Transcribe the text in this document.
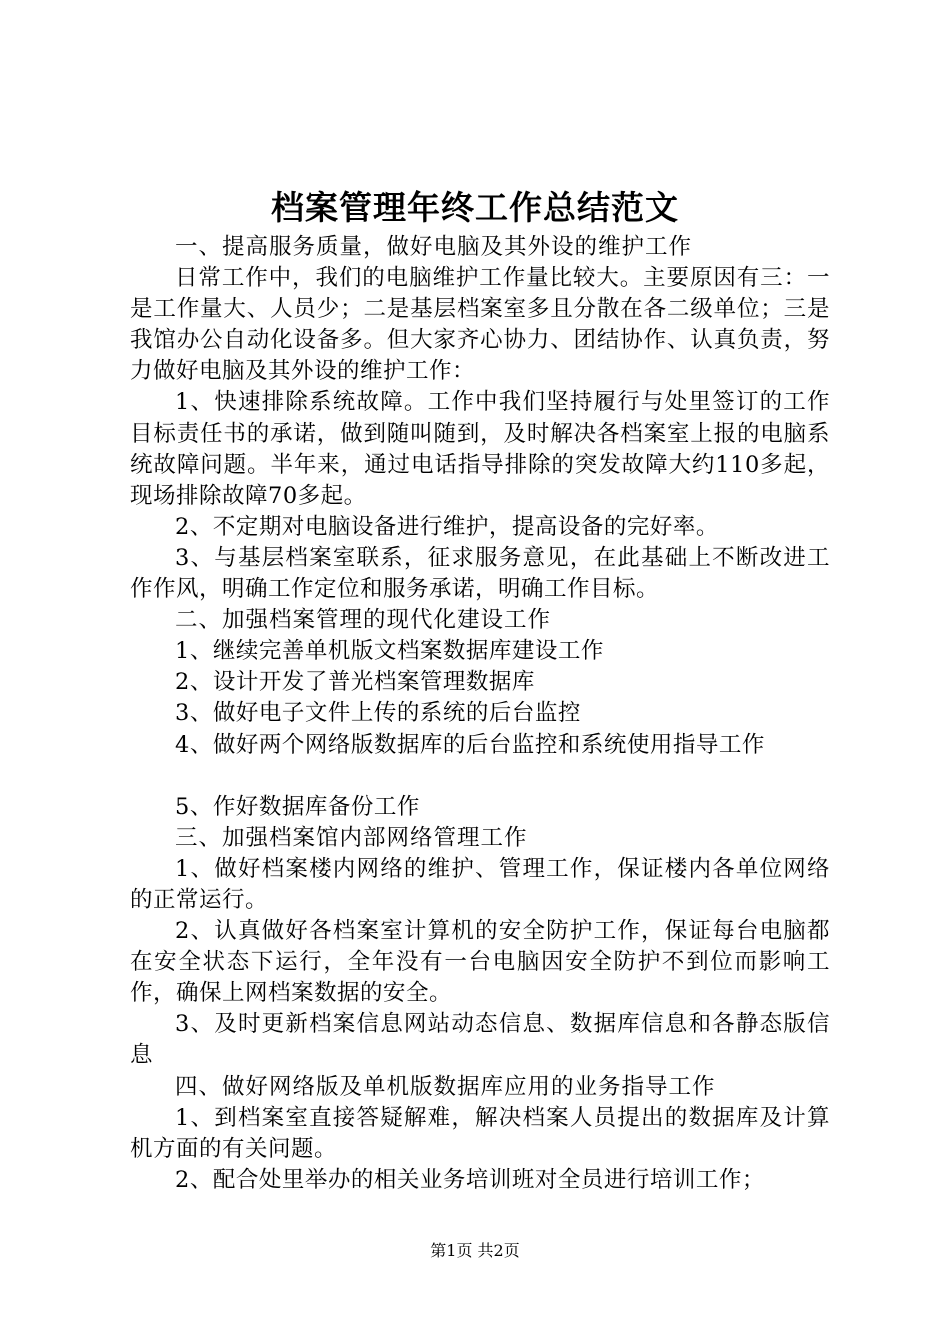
档案管理年终工作总结范文

一、提高服务质量，做好电脑及其外设的维护工作

日常工作中，我们的电脑维护工作量比较大。主要原因有三：一是工作量大、人员少；二是基层档案室多且分散在各二级单位；三是我馆办公自动化设备多。但大家齐心协力、团结协作、认真负责，努力做好电脑及其外设的维护工作：

1、快速排除系统故障。工作中我们坚持履行与处里签订的工作目标责任书的承诺，做到随叫随到，及时解决各档案室上报的电脑系统故障问题。半年来，通过电话指导排除的突发故障大约110多起，现场排除故障70多起。

2、不定期对电脑设备进行维护，提高设备的完好率。

3、与基层档案室联系，征求服务意见，在此基础上不断改进工作作风，明确工作定位和服务承诺，明确工作目标。

二、加强档案管理的现代化建设工作

1、继续完善单机版文档案数据库建设工作

2、设计开发了普光档案管理数据库

3、做好电子文件上传的系统的后台监控

4、做好两个网络版数据库的后台监控和系统使用指导工作

5、作好数据库备份工作

三、加强档案馆内部网络管理工作

1、做好档案楼内网络的维护、管理工作，保证楼内各单位网络的正常运行。

2、认真做好各档案室计算机的安全防护工作，保证每台电脑都在安全状态下运行，全年没有一台电脑因安全防护不到位而影响工作，确保上网档案数据的安全。

3、及时更新档案信息网站动态信息、数据库信息和各静态版信息

四、做好网络版及单机版数据库应用的业务指导工作

1、到档案室直接答疑解难，解决档案人员提出的数据库及计算机方面的有关问题。

2、配合处里举办的相关业务培训班对全员进行培训工作；

第1页 共2页
